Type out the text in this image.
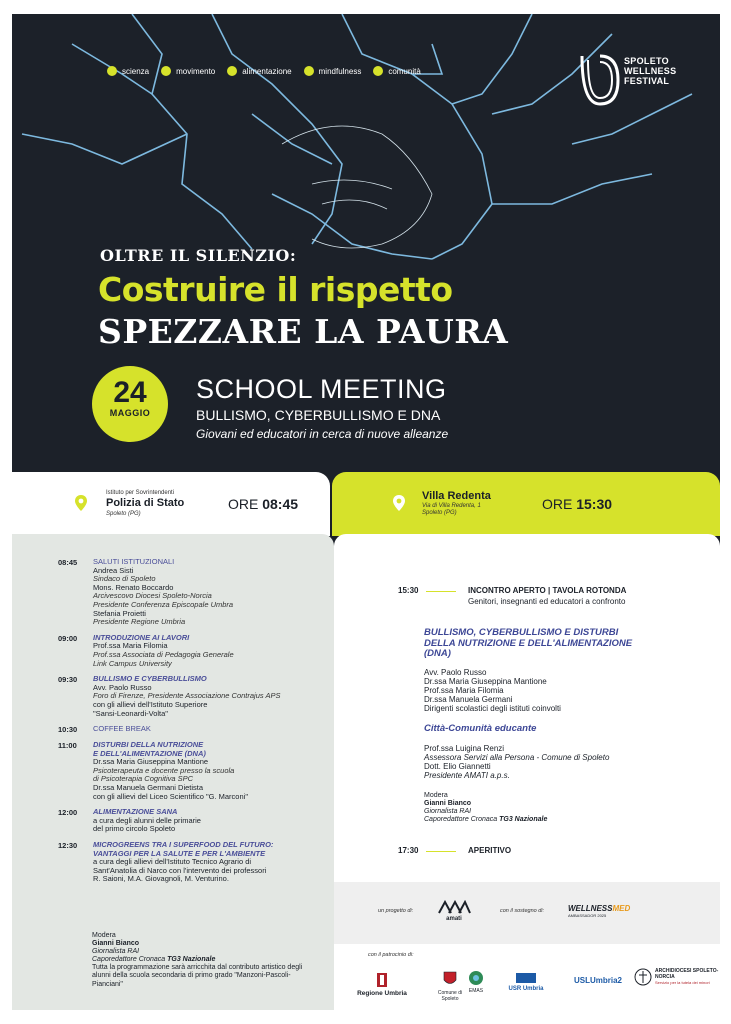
scienza	movimento	alimentazione	mindfulness	comunità
SPOLETO
WELLNESS
FESTIVAL
OLTRE IL SILENZIO:
Costruire il rispetto
SPEZZARE LA PAURA
24
MAGGIO
SCHOOL MEETING
BULLISMO, CYBERBULLISMO E DNA
Giovani ed educatori in cerca di nuove alleanze
Istituto per Sovrintendenti
Polizia di Stato
Spoleto (PG)
ORE 08:45	Villa Redenta
Via di Villa Redenta, 1
Spoleto (PG)
ORE 15:30
08:45	SALUTI ISTITUZIONALI
Andrea Sisti
Sindaco di Spoleto
Mons. Renato Boccardo
Arcivescovo Diocesi Spoleto-Norcia
Presidente Conferenza Episcopale Umbra
Stefania Proietti
Presidente Regione Umbria
09:00	INTRODUZIONE AI LAVORI
Prof.ssa Maria Filomia
Prof.ssa Associata di Pedagogia Generale
Link Campus University
09:30	BULLISMO E CYBERBULLISMO
Avv. Paolo Russo
Foro di Firenze, Presidente Associazione Contrajus APS
con gli allievi dell'Istituto Superiore
"Sansi-Leonardi-Volta"
10:30	COFFEE BREAK
11:00	DISTURBI DELLA NUTRIZIONE
E DELL'ALIMENTAZIONE (DNA)
Dr.ssa Maria Giuseppina Mantione
Psicoterapeuta e docente presso la scuola
di Psicoterapia Cognitiva SPC
Dr.ssa Manuela Germani Dietista
con gli allievi del Liceo Scientifico "G. Marconi"
12:00	ALIMENTAZIONE SANA
a cura degli alunni delle primarie
del primo circolo Spoleto
12:30	MICROGREENS TRA I SUPERFOOD DEL FUTURO:
VANTAGGI PER LA SALUTE E PER L'AMBIENTE
a cura degli allievi dell'Istituto Tecnico Agrario di
Sant'Anatolia di Narco con l'intervento dei professori
R. Saioni, M.A. Giovagnoli, M. Venturino.
Modera
Gianni Bianco
Giornalista RAI
Caporedattore Cronaca TG3 Nazionale
Tutta la programmazione sarà arricchita dal contributo artistico degli alunni della scuola secondaria di primo grado "Manzoni-Pascoli-Pianciani"
15:30	INCONTRO APERTO | TAVOLA ROTONDA
Genitori, insegnanti ed educatori a confronto
BULLISMO, CYBERBULLISMO E DISTURBI
DELLA NUTRIZIONE E DELL'ALIMENTAZIONE
(DNA)
Avv. Paolo Russo
Dr.ssa Maria Giuseppina Mantione
Prof.ssa Maria Filomia
Dr.ssa Manuela Germani
Dirigenti scolastici degli istituti coinvolti
Città-Comunità educante
Prof.ssa Luigina Renzi
Assessora Servizi alla Persona - Comune di Spoleto
Dott. Elio Giannetti
Presidente AMATI a.p.s.
Modera
Gianni Bianco
Giornalista RAI
Caporedattore Cronaca TG3 Nazionale
17:30	APERITIVO
un progetto di:
amati
con il sostegno di:	WELLNESSMED
AMBASSADOR 2025
con il patrocinio di:
Regione Umbria	Comune di Spoleto
EMAS	USR Umbria
USLUmbria2
ARCHIDIOCESI SPOLETO-NORCIA
Servizio per la tutela dei minori
